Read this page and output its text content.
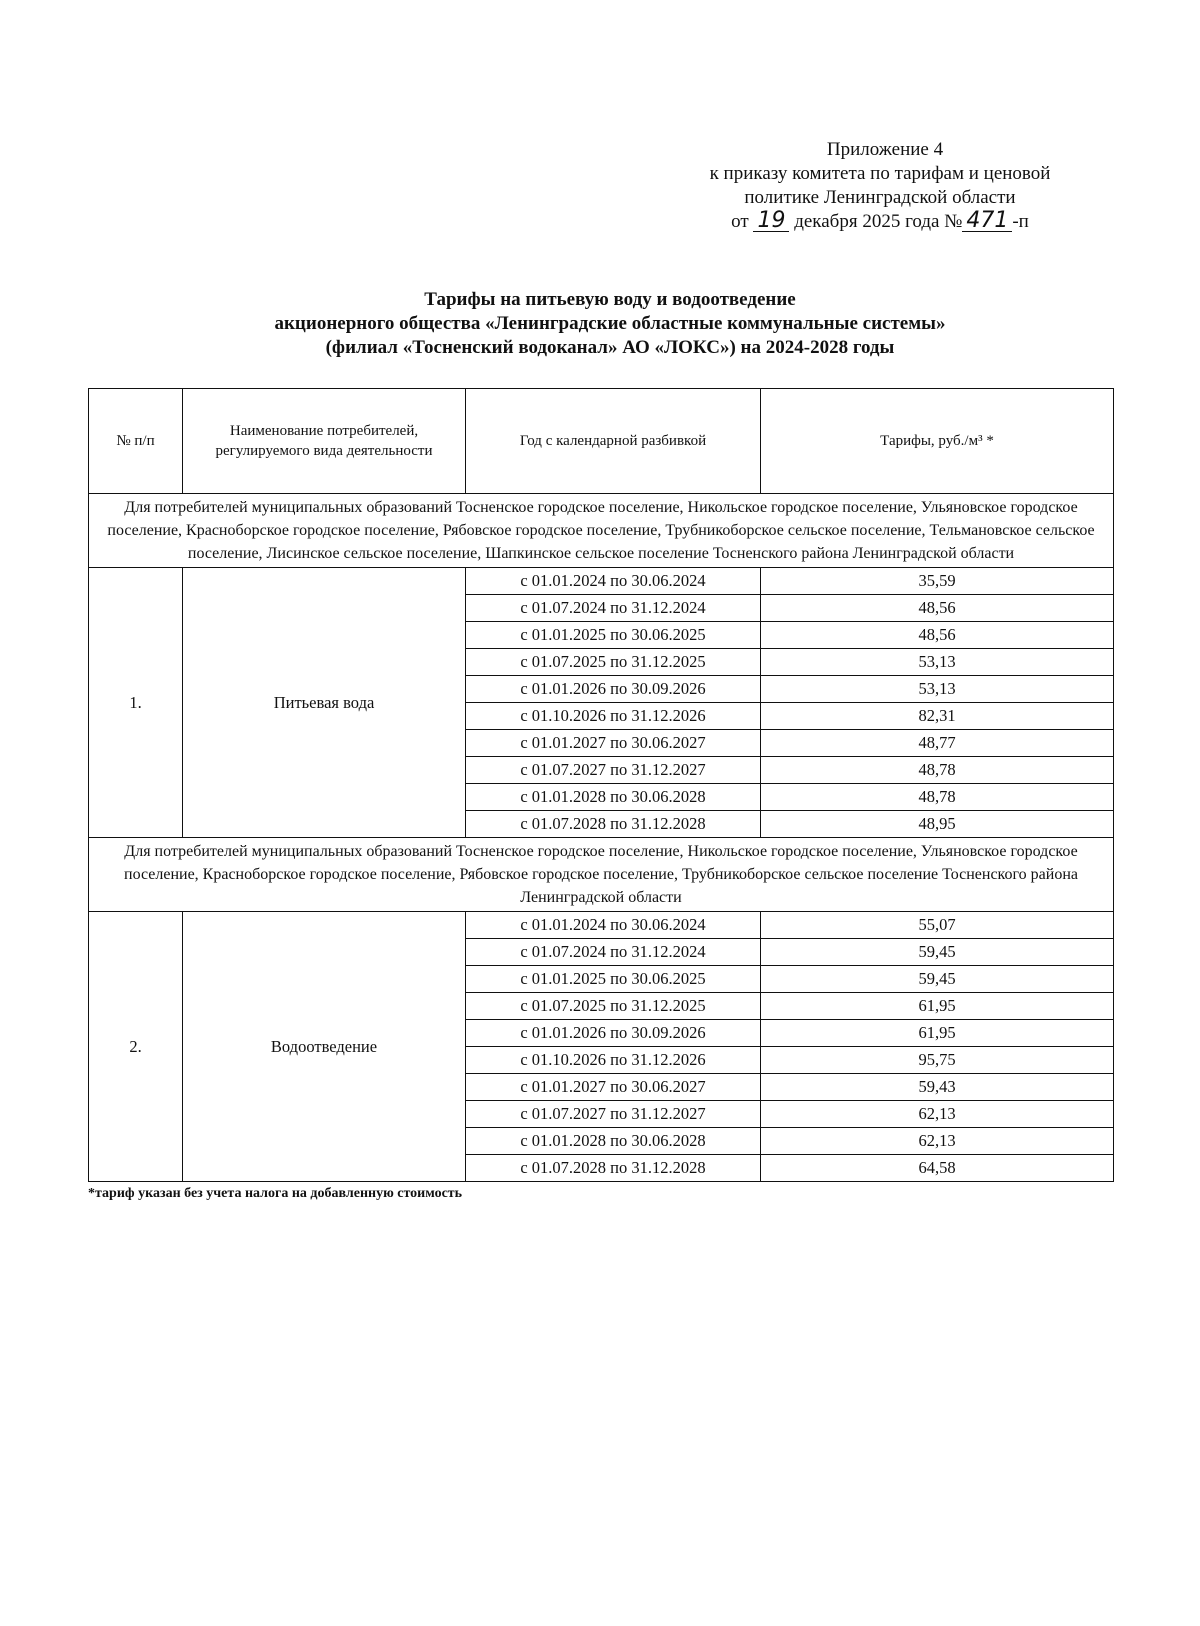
Приложение 4
к приказу комитета по тарифам и ценовой
политике Ленинградской области
от 19 декабря 2025 года № 471 -п
Тарифы на питьевую воду и водоотведение
акционерного общества «Ленинградские областные коммунальные системы»
(филиал «Тосненский водоканал» АО «ЛОКС») на 2024-2028 годы
№ п/п	Наименование потребителей, регулируемого вида деятельности	Год с календарной разбивкой	Тарифы, руб./м³ *
Для потребителей муниципальных образований Тосненское городское поселение, Никольское городское поселение, Ульяновское городское поселение, Красноборское городское поселение, Рябовское городское поселение, Трубникоборское сельское поселение, Тельмановское сельское поселение, Лисинское сельское поселение, Шапкинское сельское поселение Тосненского района Ленинградской области			
1.	Питьевая вода	с 01.01.2024 по 30.06.2024	35,59
		с 01.07.2024 по 31.12.2024	48,56
		с 01.01.2025 по 30.06.2025	48,56
		с 01.07.2025 по 31.12.2025	53,13
		с 01.01.2026 по 30.09.2026	53,13
		с 01.10.2026 по 31.12.2026	82,31
		с 01.01.2027 по 30.06.2027	48,77
		с 01.07.2027 по 31.12.2027	48,78
		с 01.01.2028 по 30.06.2028	48,78
		с 01.07.2028 по 31.12.2028	48,95
Для потребителей муниципальных образований Тосненское городское поселение, Никольское городское поселение, Ульяновское городское поселение, Красноборское городское поселение, Рябовское городское поселение, Трубникоборское сельское поселение Тосненского района Ленинградской области			
2.	Водоотведение	с 01.01.2024 по 30.06.2024	55,07
		с 01.07.2024 по 31.12.2024	59,45
		с 01.01.2025 по 30.06.2025	59,45
		с 01.07.2025 по 31.12.2025	61,95
		с 01.01.2026 по 30.09.2026	61,95
		с 01.10.2026 по 31.12.2026	95,75
		с 01.01.2027 по 30.06.2027	59,43
		с 01.07.2027 по 31.12.2027	62,13
		с 01.01.2028 по 30.06.2028	62,13
		с 01.07.2028 по 31.12.2028	64,58
*тариф указан без учета налога на добавленную стоимость
